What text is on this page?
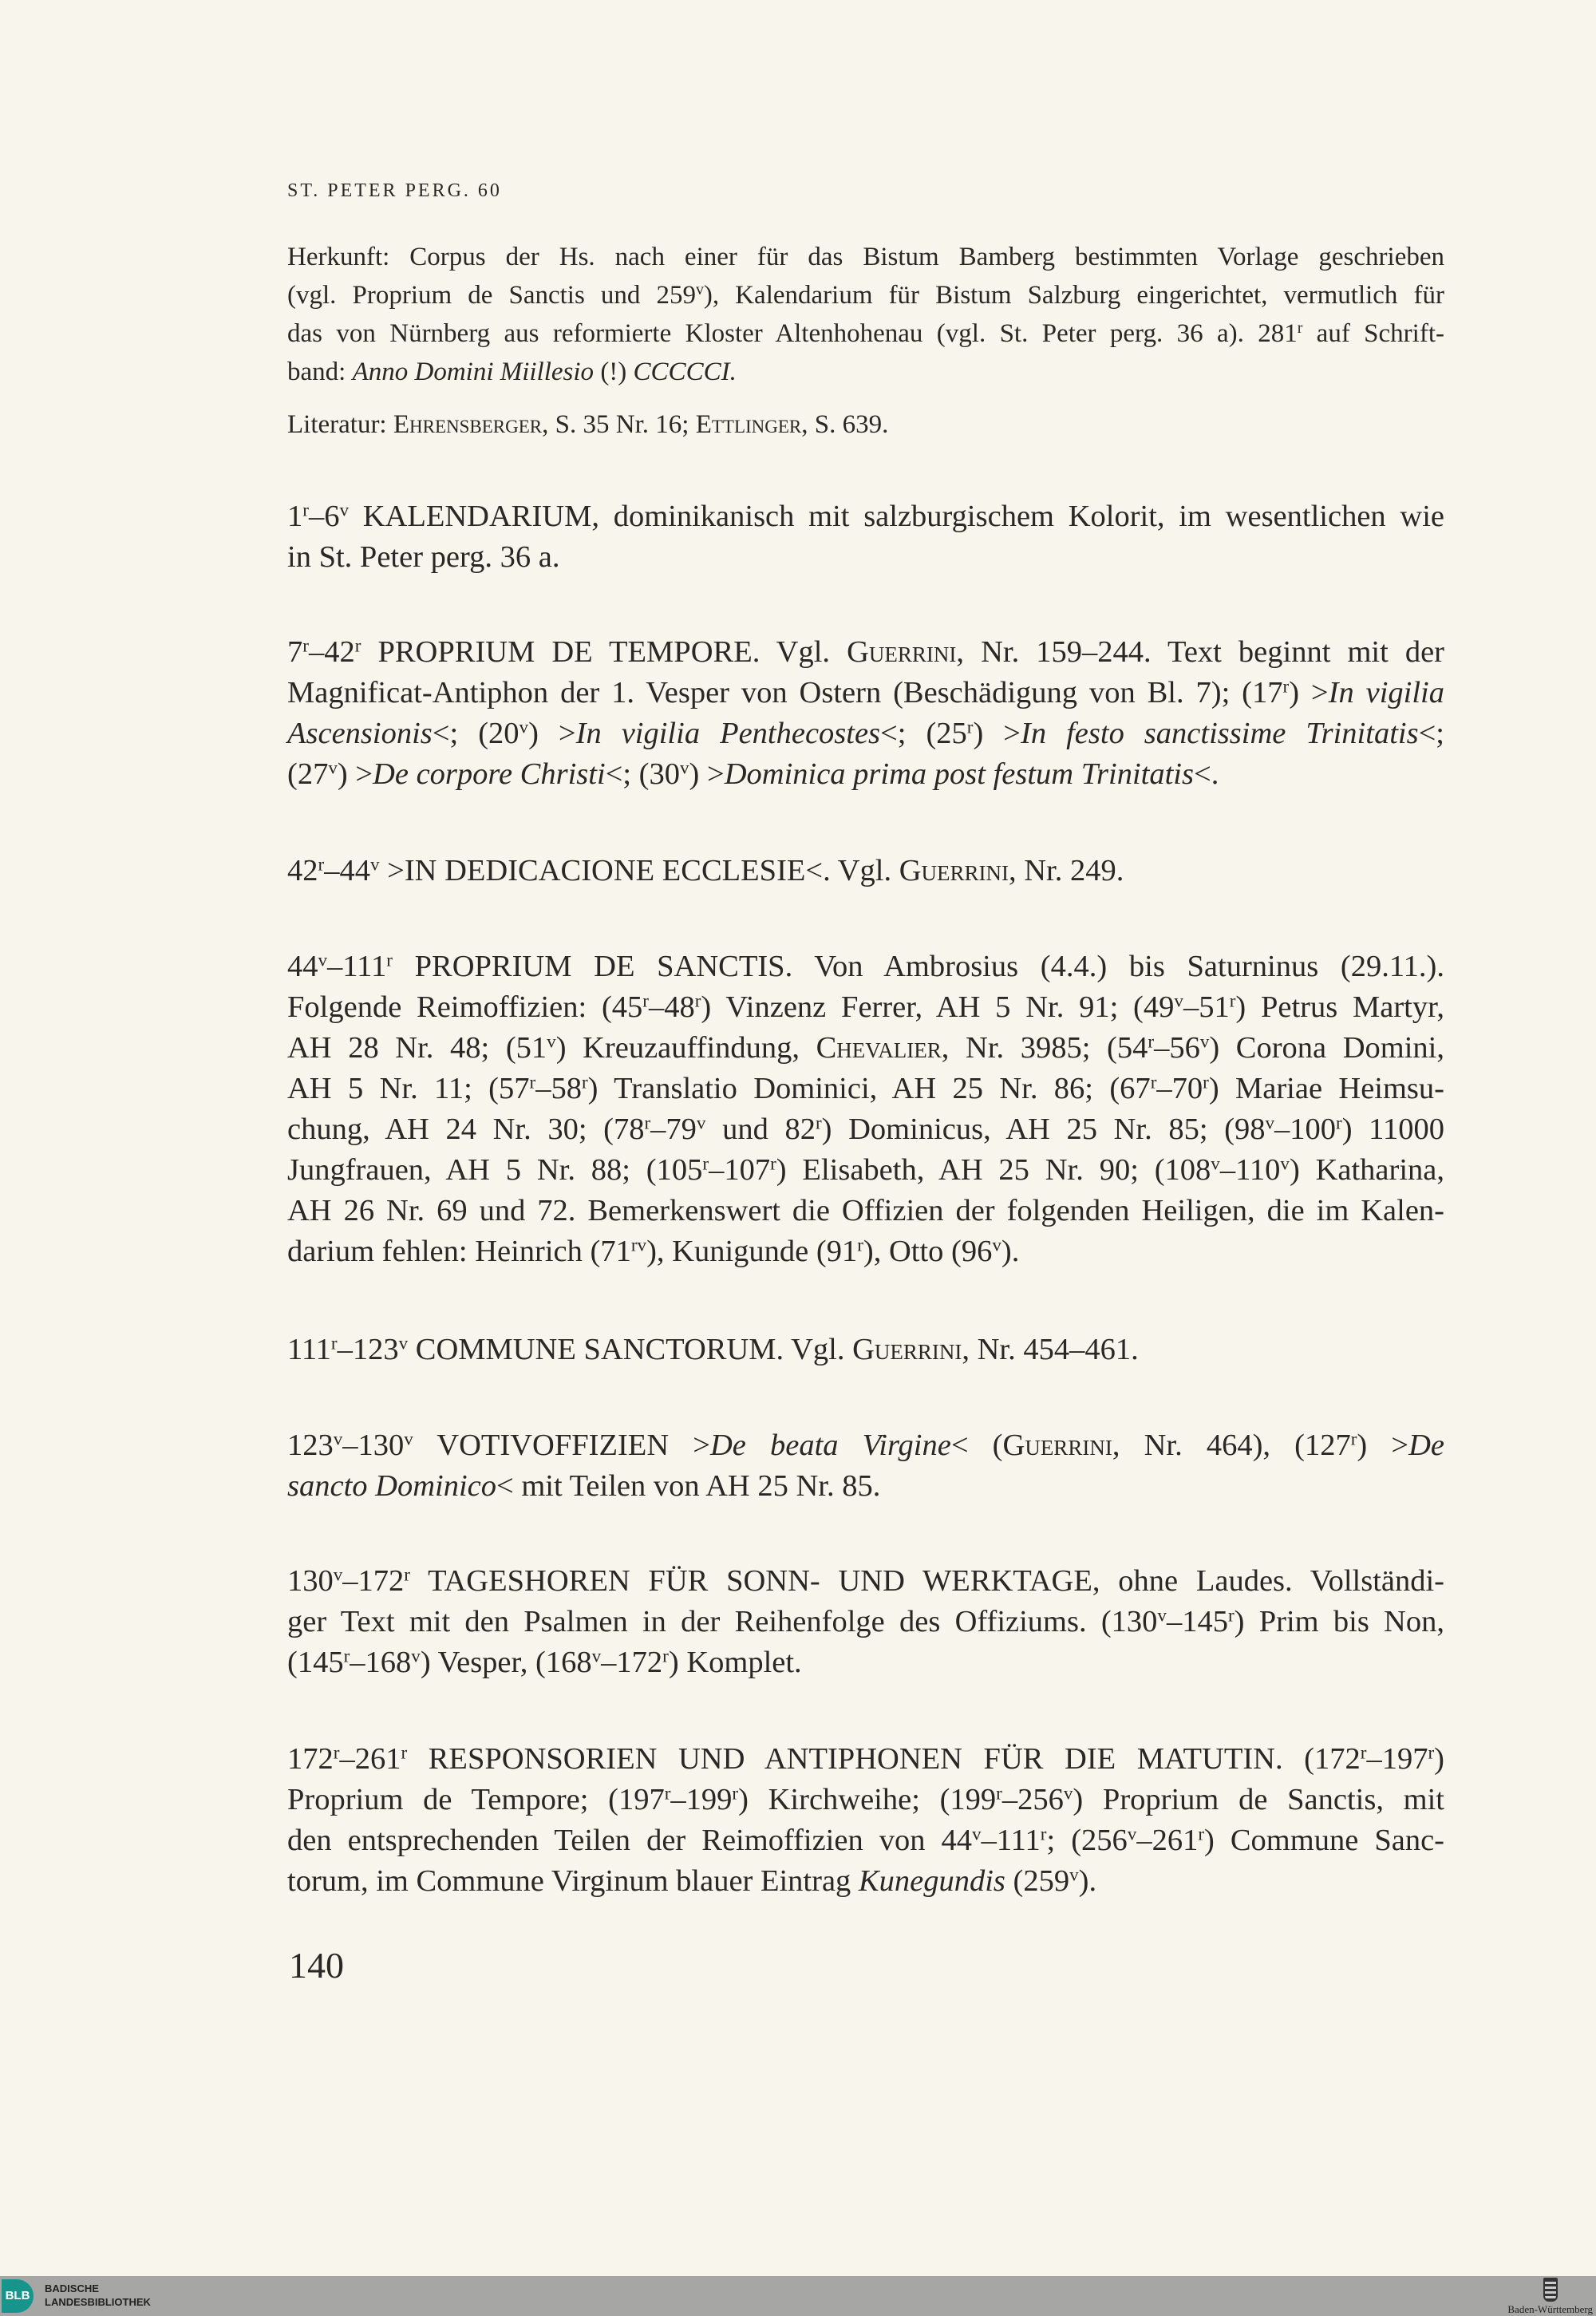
ST. PETER PERG. 60
Herkunft: Corpus der Hs. nach einer für das Bistum Bamberg bestimmten Vorlage geschrieben
(vgl. Proprium de Sanctis und 259$^v$), Kalendarium für Bistum Salzburg eingerichtet, vermutlich für
das von Nürnberg aus reformierte Kloster Altenhohenau (vgl. St. Peter perg. 36 a). 281$^r$ auf Schrift-
band: Anno Domini Miillesio (!) CCCCCI.
Literatur: Ehrensberger, S. 35 Nr. 16; Ettlinger, S. 639.
1$^r$–6$^v$ KALENDARIUM, dominikanisch mit salzburgischem Kolorit, im wesentlichen wie
in St. Peter perg. 36 a.
7$^r$–42$^r$ PROPRIUM DE TEMPORE. Vgl. Guerrini, Nr. 159–244. Text beginnt mit der
Magnificat-Antiphon der 1. Vesper von Ostern (Beschädigung von Bl. 7); $(17^r) >In$ vigilia
Ascensionis<; $(20^v) >In$ vigilia Penthecostes<; $(25^r) >In$ festo sanctissime Trinitatis<;
$(27^v) >De$ corpore Christi<; $(30^v)$ >Dominica prima post festum Trinitatis<.
$42^r-44^v >IN$ DEDICACIONE ECCLESIE<. Vgl. Guerrini, Nr. 249.
44$^v$–111$^r$ PROPRIUM DE SANCTIS. Von Ambrosius (4.4.) bis Saturninus (29.11.).
Folgende Reimoffizien: (45$^r$–48$^r$) Vinzenz Ferrer, AH 5 Nr. 91; (49$^v$–51$^r$) Petrus Martyr,
AH 28 Nr. 48; (51$^v$) Kreuzauffindung, Chevalier, Nr. 3985; (54$^r$–56$^v$) Corona Domini,
AH 5 Nr. 11; (57$^r$–58$^r$) Translatio Dominici, AH 25 Nr. 86; (67$^r$–70$^r$) Mariae Heimsu-
chung, AH 24 Nr. 30; (78$^r$–79$^v$ und 82$^r$) Dominicus, AH 25 Nr. 85; (98$^v$–100$^r$) 11000
Jungfrauen, AH 5 Nr. 88; (105$^r$–107$^r$) Elisabeth, AH 25 Nr. 90; (108$^v$–110$^v$) Katharina,
AH 26 Nr. 69 und 72. Bemerkenswert die Offizien der folgenden Heiligen, die im Kalen-
darium fehlen: Heinrich $(71^{rv})$, Kunigunde (91$^r$), Otto (96$^v$).
111$^r$–123$^v$ COMMUNE SANCTORUM. Vgl. Guerrini, Nr. 454–461.
123$^v$–130$^v$ VOTIVOFFIZIEN >De beata Virgine< (Guerrini, Nr. 464), $(127^r) >De$
sancto Dominico< mit Teilen von AH 25 Nr. 85.
130$^v$–172$^r$ TAGESHOREN FÜR SONN- UND WERKTAGE, ohne Laudes. Vollständi-
ger Text mit den Psalmen in der Reihenfolge des Offiziums. (130$^v$–145$^r$) Prim bis Non,
(145$^r$–168$^v$) Vesper, (168$^v$–172$^r$) Komplet.
172$^r$–261$^r$ RESPONSORIEN UND ANTIPHONEN FÜR DIE MATUTIN. (172$^r$–197$^r$)
Proprium de Tempore; (197$^r$–199$^r$) Kirchweihe; (199$^r$–256$^v$) Proprium de Sanctis, mit
den entsprechenden Teilen der Reimoffizien von 44$^v$–111$^r$; (256$^v$–261$^r$) Commune Sanc-
torum, im Commune Virginum blauer Eintrag Kunegundis (259$^v$).
140
BLB
BADISCHE
LANDESBIBLIOTHEK
Baden-Württemberg
